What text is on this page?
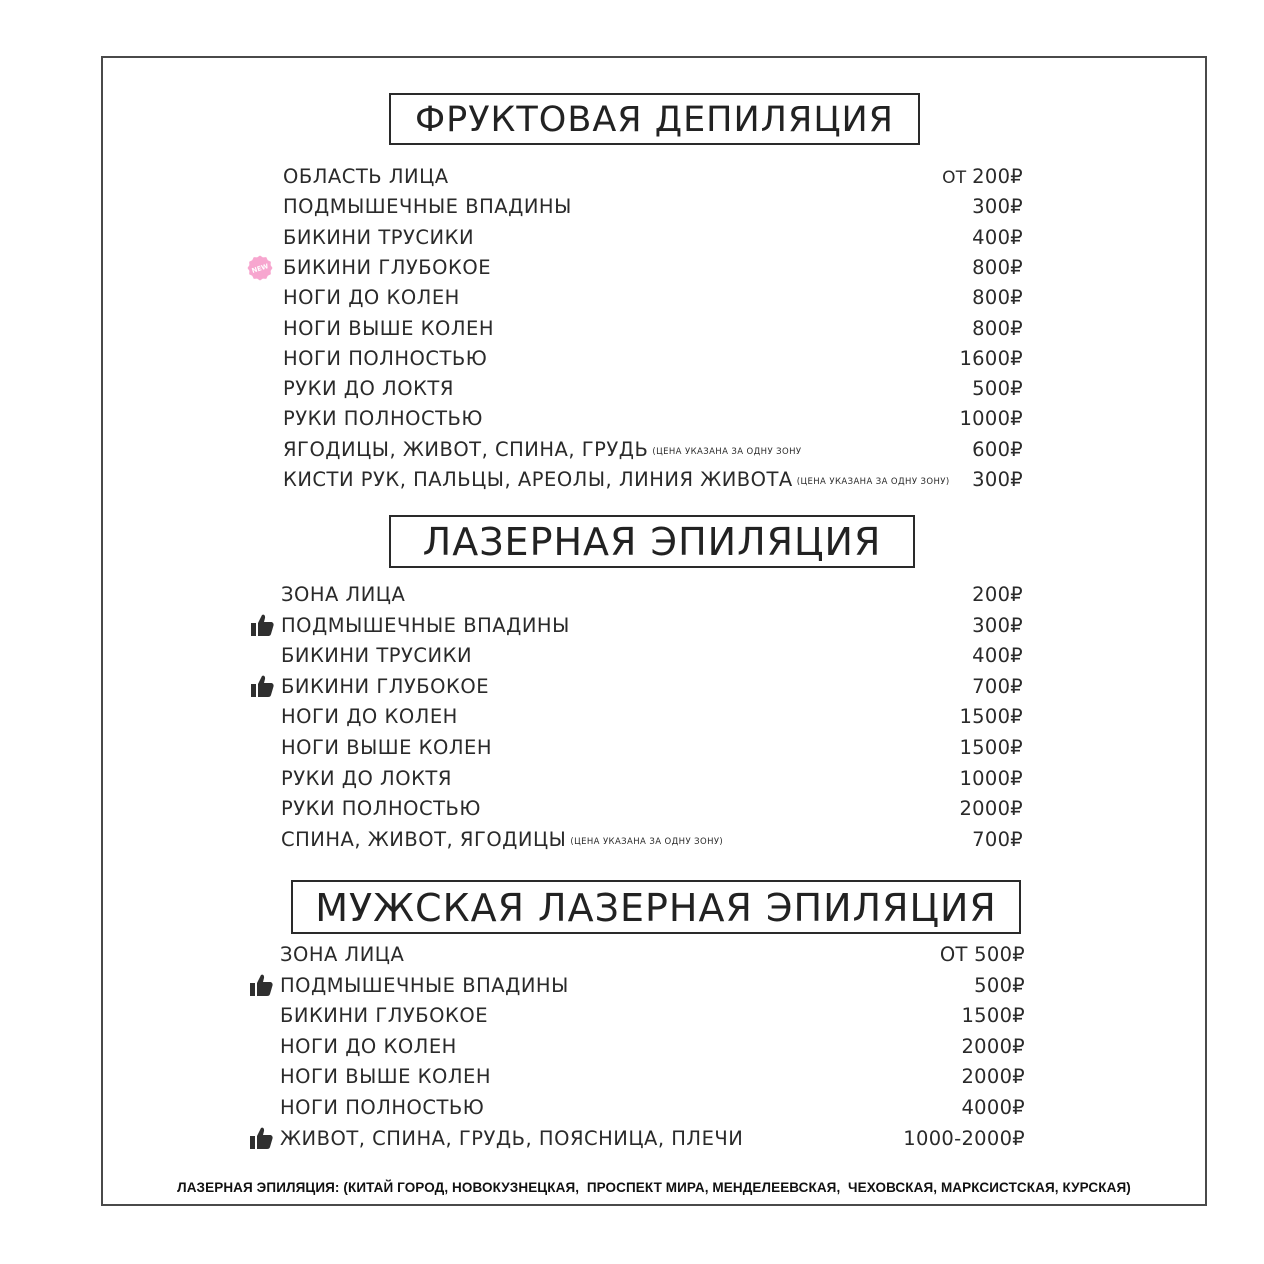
ФРУКТОВАЯ ДЕПИЛЯЦИЯ
ОБЛАСТЬ ЛИЦА	ОТ 200₽
ПОДМЫШЕЧНЫЕ ВПАДИНЫ	300₽
БИКИНИ ТРУСИКИ	400₽
NEW БИКИНИ ГЛУБОКОЕ	800₽
НОГИ ДО КОЛЕН	800₽
НОГИ ВЫШЕ КОЛЕН	800₽
НОГИ ПОЛНОСТЬЮ	1600₽
РУКИ ДО ЛОКТЯ	500₽
РУКИ ПОЛНОСТЬЮ	1000₽
ЯГОДИЦЫ, ЖИВОТ, СПИНА, ГРУДЬ (ЦЕНА УКАЗАНА ЗА ОДНУ ЗОНУ	600₽
КИСТИ РУК, ПАЛЬЦЫ, АРЕОЛЫ, ЛИНИЯ ЖИВОТА (ЦЕНА УКАЗАНА ЗА ОДНУ ЗОНУ) 300₽
ЛАЗЕРНАЯ ЭПИЛЯЦИЯ
ЗОНА ЛИЦА	200₽
ПОДМЫШЕЧНЫЕ ВПАДИНЫ	300₽
БИКИНИ ТРУСИКИ	400₽
БИКИНИ ГЛУБОКОЕ	700₽
НОГИ ДО КОЛЕН	1500₽
НОГИ ВЫШЕ КОЛЕН	1500₽
РУКИ ДО ЛОКТЯ	1000₽
РУКИ ПОЛНОСТЬЮ	2000₽
СПИНА, ЖИВОТ, ЯГОДИЦЫ (ЦЕНА УКАЗАНА ЗА ОДНУ ЗОНУ)	700₽
МУЖСКАЯ ЛАЗЕРНАЯ ЭПИЛЯЦИЯ
ЗОНА ЛИЦА	ОТ 500₽
ПОДМЫШЕЧНЫЕ ВПАДИНЫ	500₽
БИКИНИ ГЛУБОКОЕ	1500₽
НОГИ ДО КОЛЕН	2000₽
НОГИ ВЫШЕ КОЛЕН	2000₽
НОГИ ПОЛНОСТЬЮ	4000₽
ЖИВОТ, СПИНА, ГРУДЬ, ПОЯСНИЦА, ПЛЕЧИ	1000-2000₽
ЛАЗЕРНАЯ ЭПИЛЯЦИЯ: (КИТАЙ ГОРОД, НОВОКУЗНЕЦКАЯ,  ПРОСПЕКТ МИРА, МЕНДЕЛЕЕВСКАЯ,  ЧЕХОВСКАЯ, МАРКСИСТСКАЯ, КУРСКАЯ)
